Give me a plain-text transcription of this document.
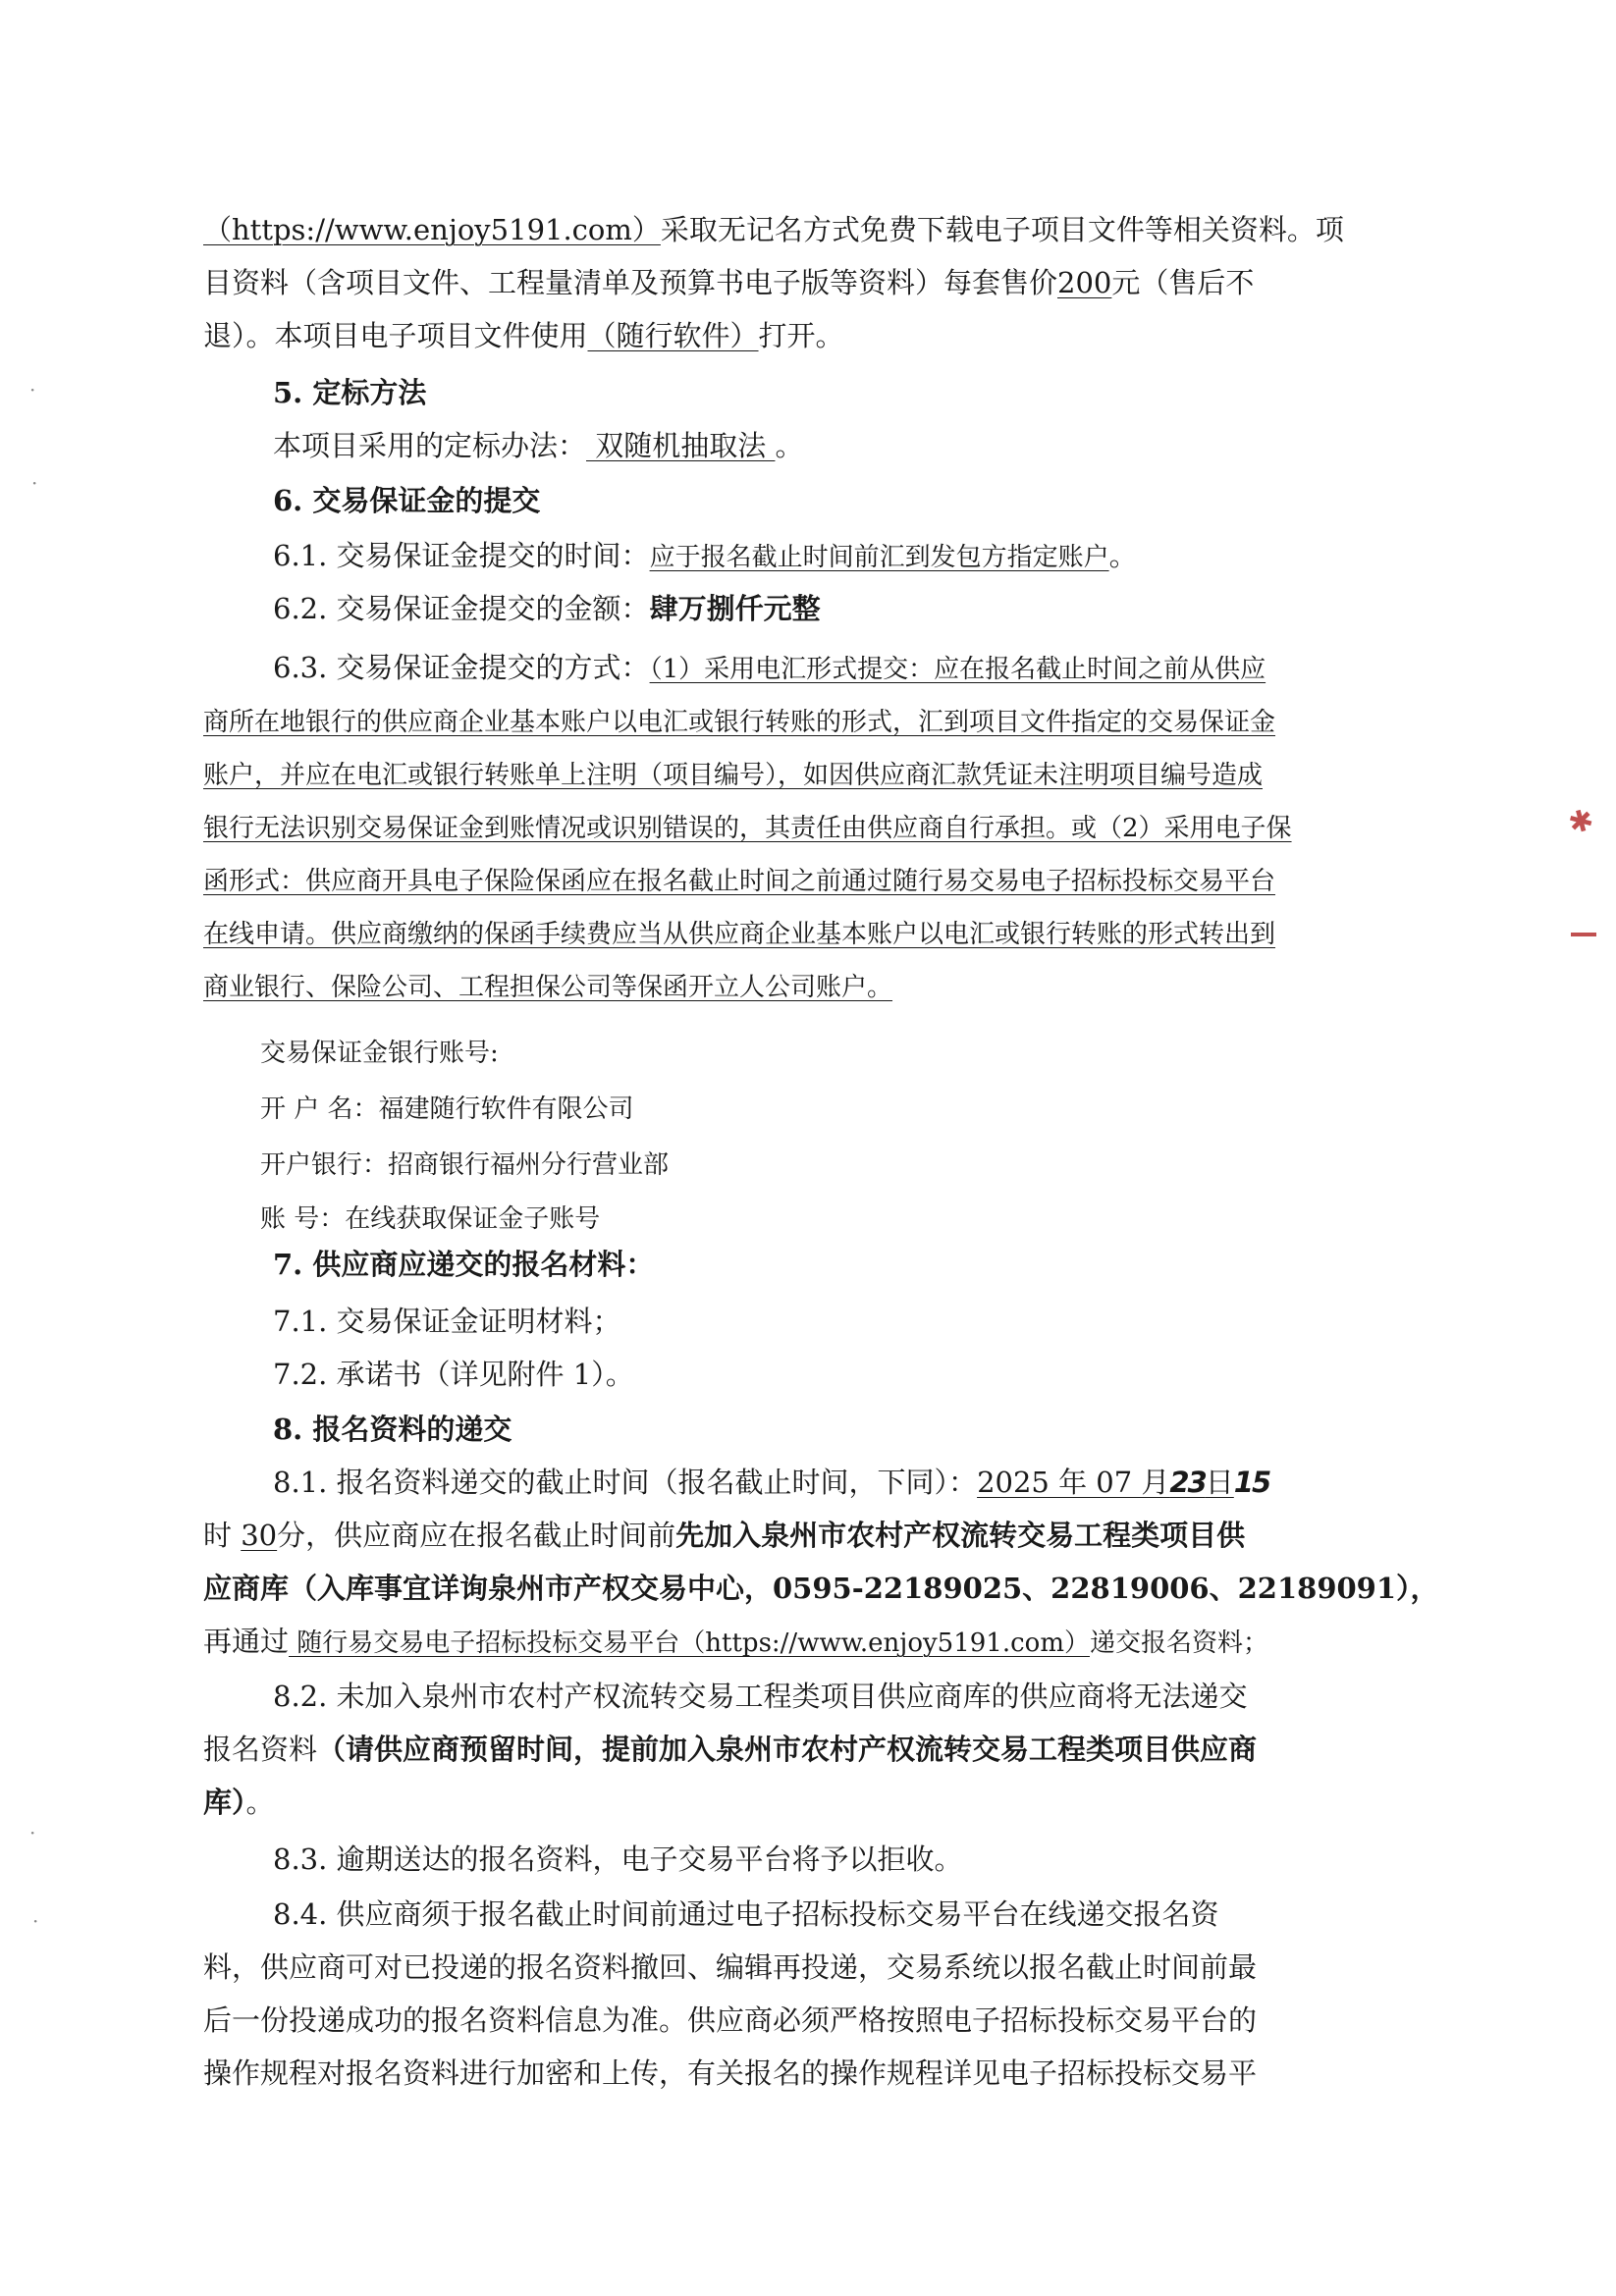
（https://www.enjoy5191.com）采取无记名方式免费下载电子项目文件等相关资料。项
目资料（含项目文件、工程量清单及预算书电子版等资料）每套售价200元（售后不
退）。本项目电子项目文件使用（随行软件）打开。
5. 定标方法
本项目采用的定标办法： 双随机抽取法 。
6. 交易保证金的提交
6.1. 交易保证金提交的时间：应于报名截止时间前汇到发包方指定账户。
6.2. 交易保证金提交的金额：肆万捌仟元整
6.3. 交易保证金提交的方式：（1）采用电汇形式提交：应在报名截止时间之前从供应
商所在地银行的供应商企业基本账户以电汇或银行转账的形式，汇到项目文件指定的交易保证金
账户，并应在电汇或银行转账单上注明（项目编号），如因供应商汇款凭证未注明项目编号造成
银行无法识别交易保证金到账情况或识别错误的，其责任由供应商自行承担。或（2）采用电子保
函形式：供应商开具电子保险保函应在报名截止时间之前通过随行易交易电子招标投标交易平台
在线申请。供应商缴纳的保函手续费应当从供应商企业基本账户以电汇或银行转账的形式转出到
商业银行、保险公司、工程担保公司等保函开立人公司账户。
交易保证金银行账号:
开 户 名：福建随行软件有限公司
开户银行：招商银行福州分行营业部
账 号：在线获取保证金子账号
7. 供应商应递交的报名材料：
7.1. 交易保证金证明材料；
7.2. 承诺书（详见附件 1）。
8. 报名资料的递交
8.1. 报名资料递交的截止时间（报名截止时间，下同）：2025 年 07 月23日15
时 30分，供应商应在报名截止时间前先加入泉州市农村产权流转交易工程类项目供
应商库（入库事宜详询泉州市产权交易中心，0595-22189025、22819006、22189091），
再通过 随行易交易电子招标投标交易平台（https://www.enjoy5191.com）递交报名资料；
8.2. 未加入泉州市农村产权流转交易工程类项目供应商库的供应商将无法递交
报名资料（请供应商预留时间，提前加入泉州市农村产权流转交易工程类项目供应商
库）。
8.3. 逾期送达的报名资料，电子交易平台将予以拒收。
8.4. 供应商须于报名截止时间前通过电子招标投标交易平台在线递交报名资
料，供应商可对已投递的报名资料撤回、编辑再投递，交易系统以报名截止时间前最
后一份投递成功的报名资料信息为准。供应商必须严格按照电子招标投标交易平台的
操作规程对报名资料进行加密和上传，有关报名的操作规程详见电子招标投标交易平
✱
·
·
·
·
